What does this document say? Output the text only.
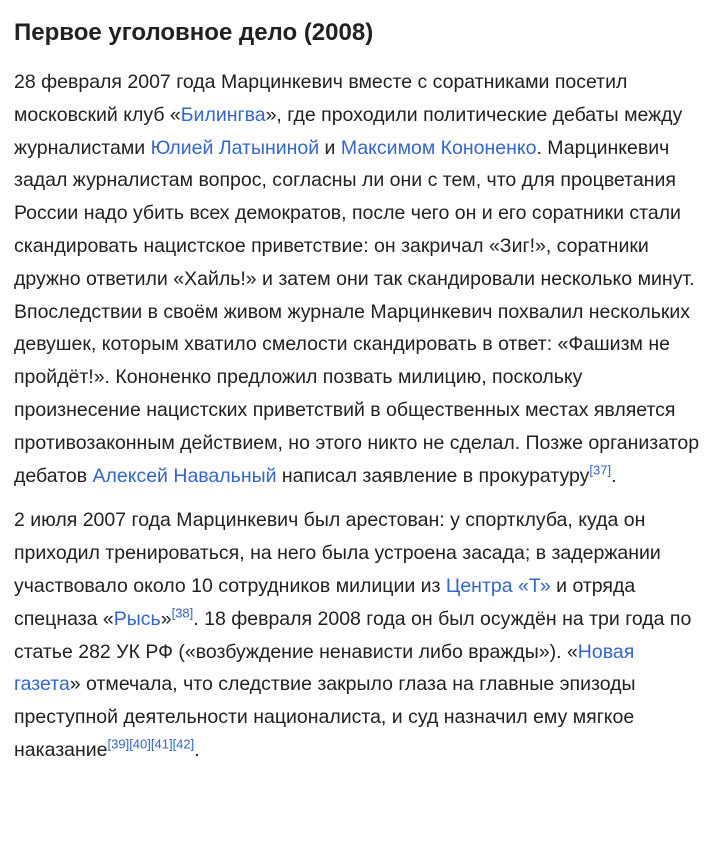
Первое уголовное дело (2008)

28 февраля 2007 года Марцинкевич вместе с соратниками посетил московский клуб «Билингва», где проходили политические дебаты между журналистами Юлией Латыниной и Максимом Кононенко. Марцинкевич задал журналистам вопрос, согласны ли они с тем, что для процветания России надо убить всех демократов, после чего он и его соратники стали скандировать нацистское приветствие: он закричал «Зиг!», соратники дружно ответили «Хайль!» и затем они так скандировали несколько минут. Впоследствии в своём живом журнале Марцинкевич похвалил нескольких девушек, которым хватило смелости скандировать в ответ: «Фашизм не пройдёт!». Кононенко предложил позвать милицию, поскольку произнесение нацистских приветствий в общественных местах является противозаконным действием, но этого никто не сделал. Позже организатор дебатов Алексей Навальный написал заявление в прокуратуру[37].

2 июля 2007 года Марцинкевич был арестован: у спортклуба, куда он приходил тренироваться, на него была устроена засада; в задержании участвовало около 10 сотрудников милиции из Центра «Т» и отряда спецназа «Рысь»[38]. 18 февраля 2008 года он был осуждён на три года по статье 282 УК РФ («возбуждение ненависти либо вражды»). «Новая газета» отмечала, что следствие закрыло глаза на главные эпизоды преступной деятельности националиста, и суд назначил ему мягкое наказание[39][40][41][42].
